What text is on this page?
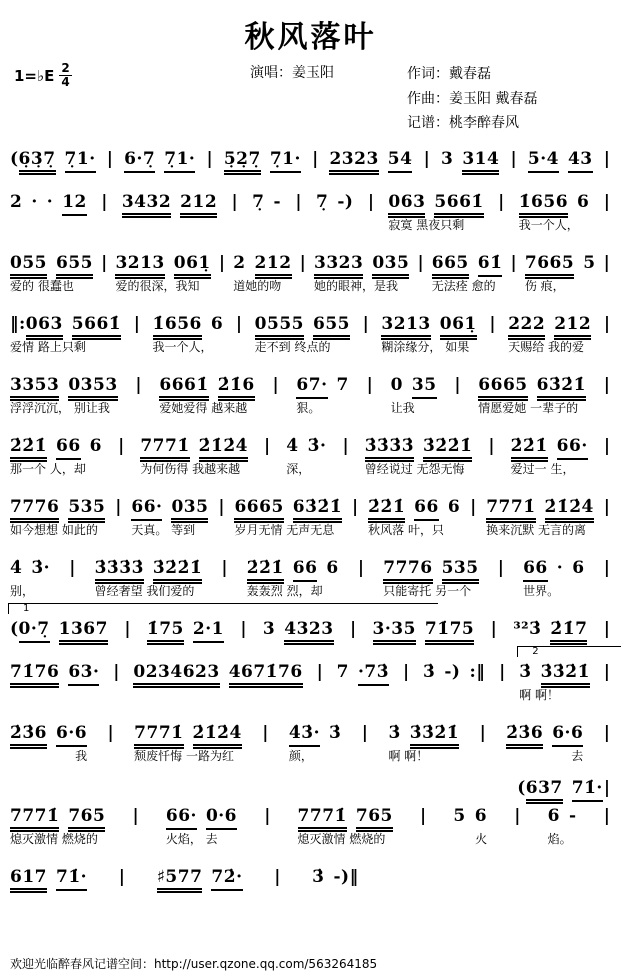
秋风落叶
1=♭E $\frac{2}{4}$	演唱：姜玉阳	作词：戴春磊
作曲：姜玉阳 戴春磊
记谱：桃李醉春风
(6̣3̣7̣ 7̣1· | 6·7̣ 7̣1· | 5̣2̣7̣ 7̣1· | 2323 54 | 3 314 | 5·4 43 |
2 · · 12 | 3432 212 | 7̣ - | 7̣ -) | 063 5661̇
寂寞 黑夜只剩
| 1̇656 6
我一个人，
|
055 655
爱的 很蠢也
| 3213 061̣
爱的很深，我知
| 2 212
道她的吻
| 3323 035
她的眼神，是我
| 665 61̇
无法痊 愈的
| 7665 5
伤 痕，
|
‖:063 5661̇
爱情 路上只剩
| 1̇656 6
我一个人，
| 0555 655
走不到 终点的
| 3213 061̣
糊涂缘分， 如果
| 222 212
天赐给 我的爱
|
3353 0353
浮浮沉沉， 别让我
| 6661̇ 2̇1̇6
爱她爱得 越来越
| 67· 7
狠。
| 0 35
让我
| 6665 63̇2̇1̇
情愿爱她 一辈子的
|
2̇2̇1̇ 66 6
那一个 人，却
| 7771̇ 2̇1̇2̇4̇
为何伤得 我越来越
| 4̇ 3̇·
深，
| 3̇3̇3̇3̇ 3̇2̇2̇1̇
曾经说过 无怨无悔
| 2̇2̇1̇ 66·
爱过一 生，
|
7776 535
如今想想 如此的
| 66· 035
天真。 等到
| 6665 63̇2̇1̇
岁月无情 无声无息
| 2̇2̇1̇ 66 6
秋风落 叶，只
| 7771̇ 2̇1̇2̇4̇
换来沉默 无言的离
|
4̇ 3̇·
别，
| 3̇3̇3̇3̇ 3̇2̇2̇1̇
曾经奢望 我们爱的
| 2̇2̇1̇ 66 6
轰轰烈 烈，却
| 7776 535
只能寄托 另一个
| 66 · 6
世界。
|
(0·7̣ 1367
1
| 1̇75 2·1 | 3 4323 | 3·35 71̇75 | ³²3̇ 2̇1̇7 |
71̇76 63· | 0234623 4671̇76 | 7 ·73̇ | 3̇ -) :‖ | 3̇ 3̇3̇2̇1̇
啊 啊！
2
|
2̇3̇6 6·6
我
| 7771̇ 2̇1̇2̇4̇
颓废忏悔 一路为红
| 4̇3̇· 3̇
颜，
| 3̇ 3̇3̇2̇1̇
啊 啊！
| 2̇3̇6 6·6
去
|
(637 71̇· |
7771̇ 765
熄灭激情 燃烧的
| 66· 0·6
火焰， 去
| 7771̇ 765
熄灭激情 燃烧的
| 5 6
火
| 6 -
焰。
|
617 71̇· | ♯577 72̇· | 3̇ -)‖
欢迎光临醉春风记谱空间：http://user.qzone.qq.com/563264185
